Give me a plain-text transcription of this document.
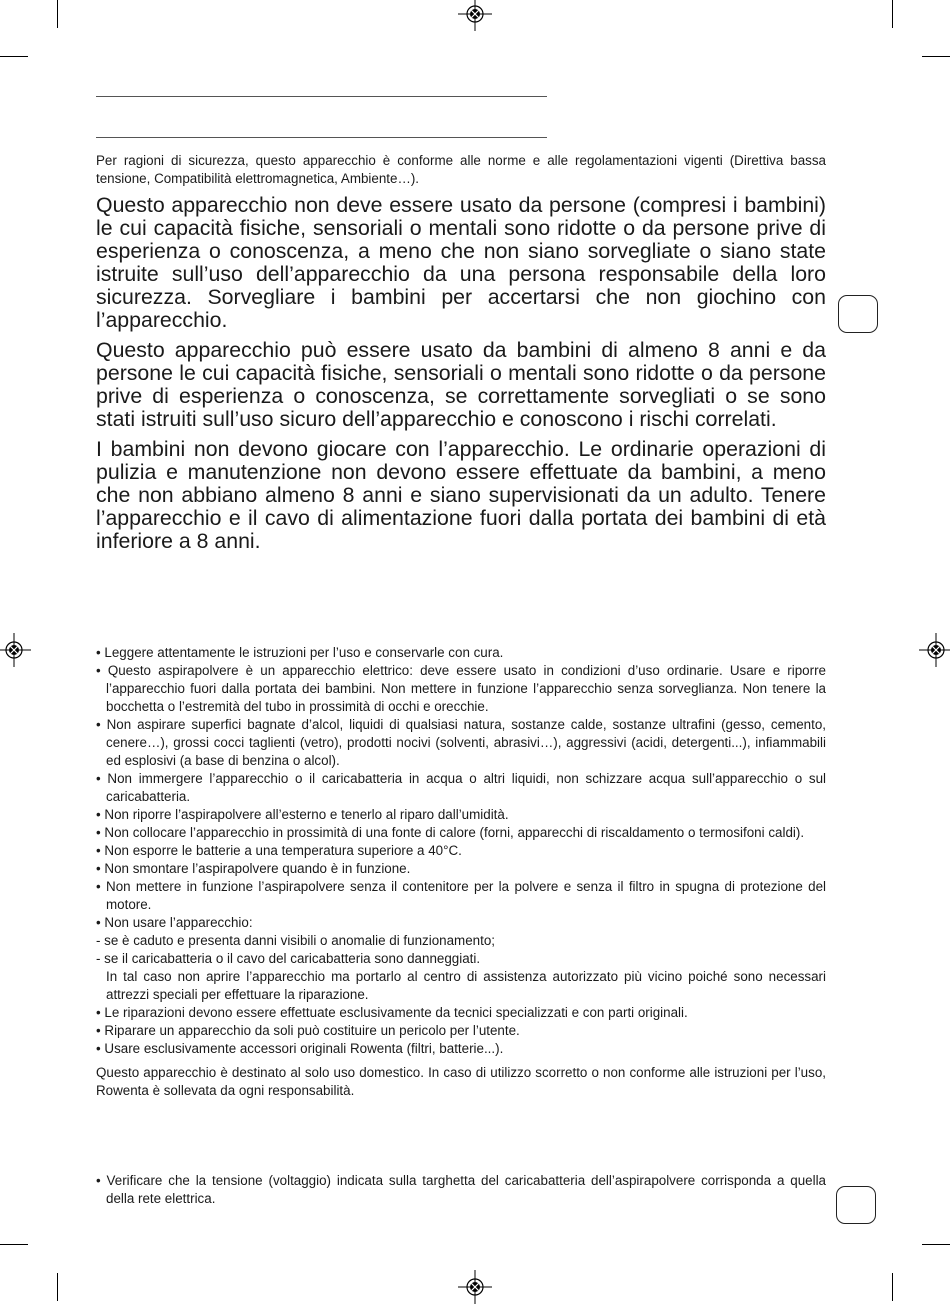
Per ragioni di sicurezza, questo apparecchio è conforme alle norme e alle regolamentazioni vigenti (Direttiva bassa tensione, Compatibilità elettromagnetica, Ambiente…).

Questo apparecchio non deve essere usato da persone (compresi i bambini) le cui capacità fisiche, sensoriali o mentali sono ridotte o da persone prive di esperienza o conoscenza, a meno che non siano sorvegliate o siano state istruite sull’uso dell’apparecchio da una persona responsabile della loro sicurezza. Sorvegliare i bambini per accertarsi che non giochino con l’apparecchio.

Questo apparecchio può essere usato da bambini di almeno 8 anni e da persone le cui capacità fisiche, sensoriali o mentali sono ridotte o da persone prive di esperienza o conoscenza, se correttamente sorvegliati o se sono stati istruiti sull’uso sicuro dell’apparecchio e conoscono i rischi correlati.

I bambini non devono giocare con l’apparecchio. Le ordinarie operazioni di pulizia e manutenzione non devono essere effettuate da bambini, a meno che non abbiano almeno 8 anni e siano supervisionati da un adulto. Tenere l’apparecchio e il cavo di alimentazione fuori dalla portata dei bambini di età inferiore a 8 anni.

• Leggere attentamente le istruzioni per l’uso e conservarle con cura.
• Questo aspirapolvere è un apparecchio elettrico: deve essere usato in condizioni d’uso ordinarie. Usare e riporre l’apparecchio fuori dalla portata dei bambini. Non mettere in funzione l’apparecchio senza sorveglianza. Non tenere la bocchetta o l’estremità del tubo in prossimità di occhi e orecchie.
• Non aspirare superfici bagnate d’alcol, liquidi di qualsiasi natura, sostanze calde, sostanze ultrafini (gesso, cemento, cenere…), grossi cocci taglienti (vetro), prodotti nocivi (solventi, abrasivi…), aggressivi (acidi, detergenti...), infiammabili ed esplosivi (a base di benzina o alcol).
• Non immergere l’apparecchio o il caricabatteria in acqua o altri liquidi, non schizzare acqua sull’apparecchio o sul caricabatteria.
• Non riporre l’aspirapolvere all’esterno e tenerlo al riparo dall’umidità.
• Non collocare l’apparecchio in prossimità di una fonte di calore (forni, apparecchi di riscaldamento o termosifoni caldi).
• Non esporre le batterie a una temperatura superiore a 40°C.
• Non smontare l’aspirapolvere quando è in funzione.
• Non mettere in funzione l’aspirapolvere senza il contenitore per la polvere e senza il filtro in spugna di protezione del motore.
• Non usare l’apparecchio:
- se è caduto e presenta danni visibili o anomalie di funzionamento;
- se il caricabatteria o il cavo del caricabatteria sono danneggiati.
In tal caso non aprire l’apparecchio ma portarlo al centro di assistenza autorizzato più vicino poiché sono necessari attrezzi speciali per effettuare la riparazione.
• Le riparazioni devono essere effettuate esclusivamente da tecnici specializzati e con parti originali.
• Riparare un apparecchio da soli può costituire un pericolo per l’utente.
• Usare esclusivamente accessori originali Rowenta (filtri, batterie...).

Questo apparecchio è destinato al solo uso domestico. In caso di utilizzo scorretto o non conforme alle istruzioni per l’uso, Rowenta è sollevata da ogni responsabilità.

• Verificare che la tensione (voltaggio) indicata sulla targhetta del caricabatteria dell’aspirapolvere corrisponda a quella della rete elettrica.
